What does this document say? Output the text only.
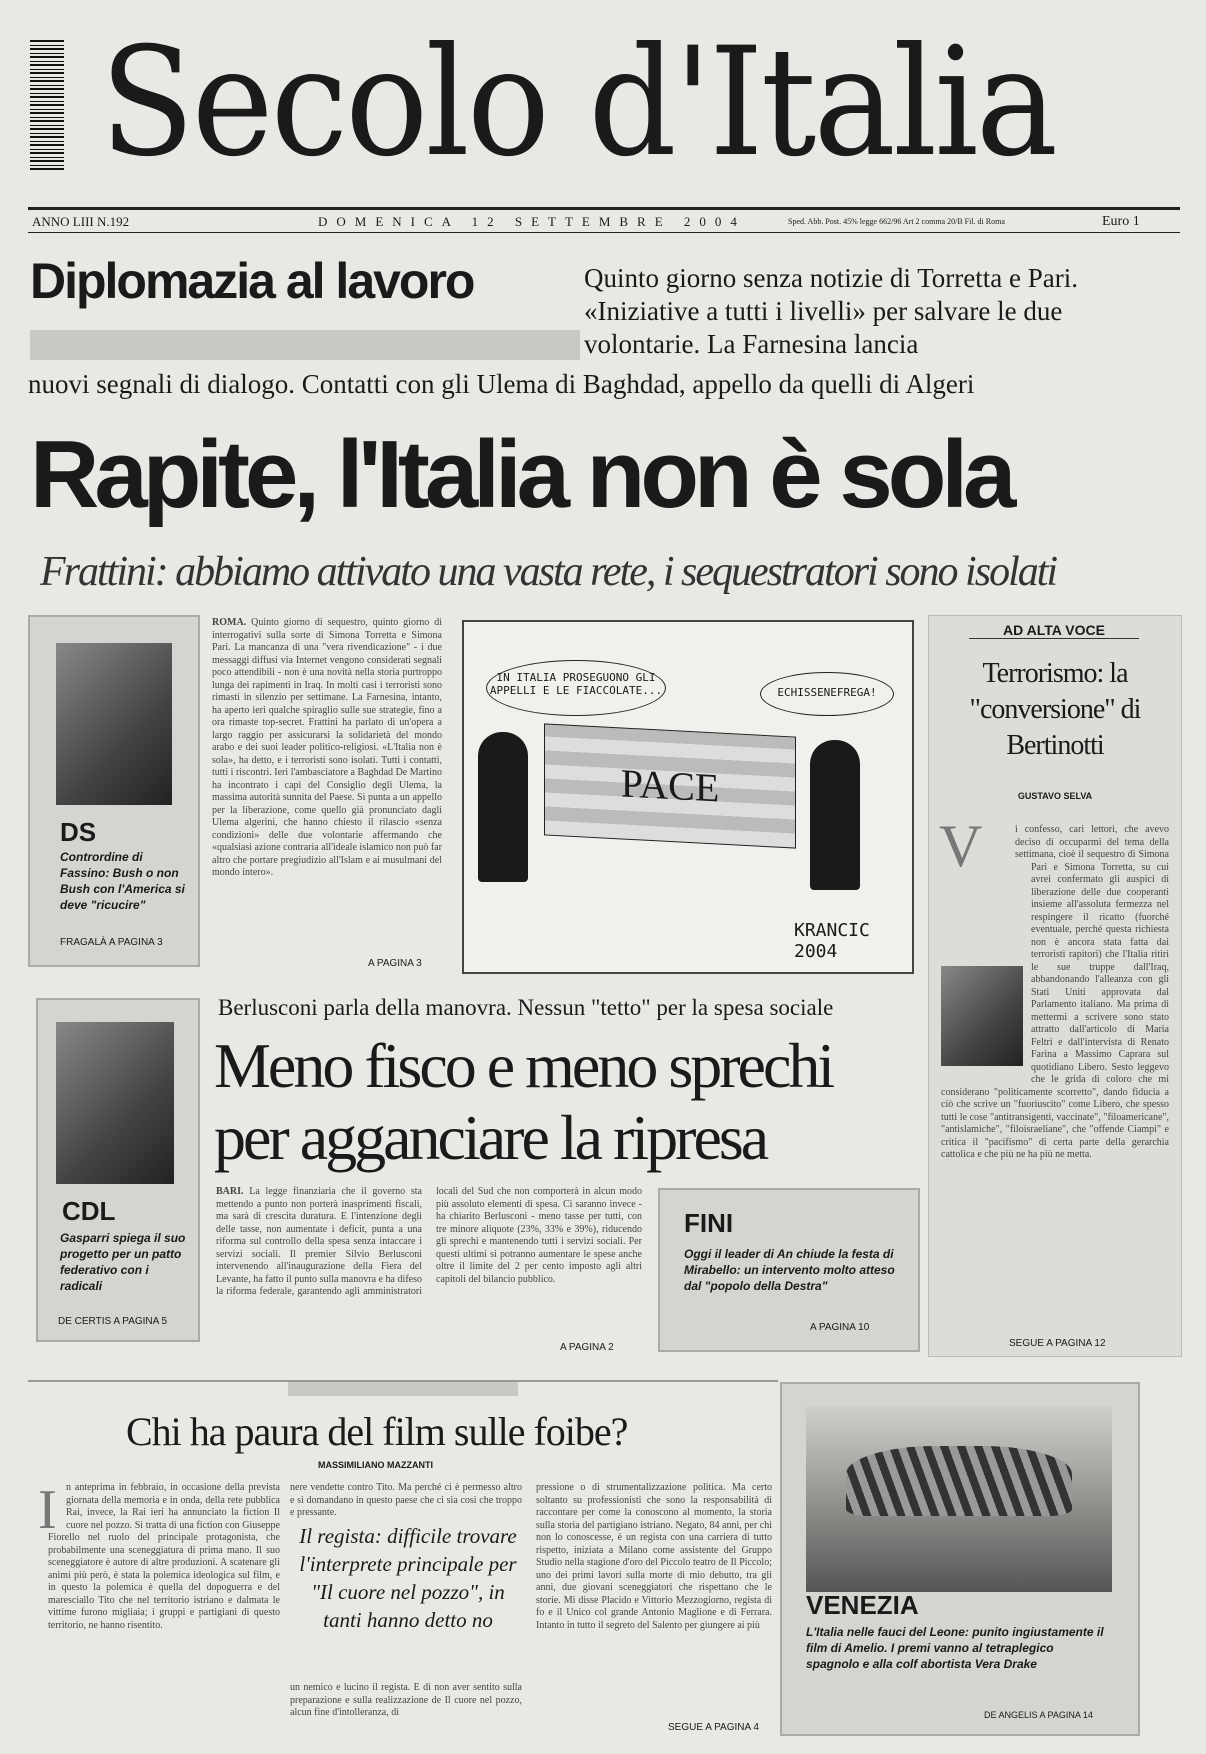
Secolo d'Italia
ANNO LIII N.192	DOMENICA 12 SETTEMBRE 2004	Sped. Abb. Post. 45% legge 662/96 Art 2 comma 20/B Fil. di Roma	Euro 1
Diplomazia al lavoro	Quinto giorno senza notizie di Torretta e Pari. «Iniziative a tutti i livelli» per salvare le due volontarie. La Farnesina lancia
nuovi segnali di dialogo. Contatti con gli Ulema di Baghdad, appello da quelli di Algeri
Rapite, l'Italia non è sola
Frattini: abbiamo attivato una vasta rete, i sequestratori sono isolati
DS
Contrordine di Fassino: Bush o non Bush con l'America si deve "ricucire"
FRAGALÀ A PAGINA 3
ROMA. Quinto giorno di sequestro, quinto giorno di interrogativi sulla sorte di Simona Torretta e Simona Pari. La mancanza di una "vera rivendicazione" - i due messaggi diffusi via Internet vengono considerati segnali poco attendibili - non è una novità nella storia purtroppo lunga dei rapimenti in Iraq. In molti casi i terroristi sono rimasti in silenzio per settimane. La Farnesina, intanto, ha aperto ieri qualche spiraglio sulle sue strategie, fino a ora rimaste top-secret. Frattini ha parlato di un'opera a largo raggio per assicurarsi la solidarietà del mondo arabo e dei suoi leader politico-religiosi. «L'Italia non è sola», ha detto, e i terroristi sono isolati. Tutti i contatti, tutti i riscontri. Ieri l'ambasciatore a Baghdad De Martino ha incontrato i capi del Consiglio degli Ulema, la massima autorità sunnita del Paese. Si punta a un appello per la liberazione, come quello già pronunciato dagli Ulema algerini, che hanno chiesto il rilascio «senza condizioni» delle due volontarie affermando che «qualsiasi azione contraria all'ideale islamico non può far altro che portare pregiudizio all'Islam e ai musulmani del mondo intero».
A PAGINA 3
IN ITALIA PROSEGUONO GLI APPELLI E LE FIACCOLATE...	ECHISSENEFREGA!
PACE
KRANCIC 2004
AD ALTA VOCE
Terrorismo: la "conversione" di Bertinotti
GUSTAVO SELVA
V	i confesso, cari lettori, che avevo deciso di occuparmi del tema della settimana, cioè il sequestro di Simona Pari e Simona Torretta, su cui avrei confermato gli auspici di liberazione delle due cooperanti insieme all'assoluta fermezza nel respingere il ricatto (fuorché eventuale, perché questa richiesta non è ancora stata fatta dai terroristi rapitori) che l'Italia ritiri le sue truppe dall'Iraq, abbandonando l'alleanza con gli Stati Uniti approvata dal Parlamento italiano. Ma prima di mettermi a scrivere sono stato attratto dall'articolo di Maria Feltri e dall'intervista di Renato Farina a Massimo Caprara sul quotidiano Libero. Sesto leggevo che le grida di coloro che mi considerano "politicamente scorretto", dando fiducia a ciò che scrive un "fuoriuscito" come Libero, che spesso tutti le cose "antitransigenti, vaccinate", "filoamericane", "antislamiche", "filoisraeliane", che "offende Ciampi" e critica il "pacifismo" di certa parte della gerarchia cattolica e che più ne ha più ne metta.
SEGUE A PAGINA 12
CDL
Gasparri spiega il suo progetto per un patto federativo con i radicali
DE CERTIS A PAGINA 5
Berlusconi parla della manovra. Nessun "tetto" per la spesa sociale
Meno fisco e meno sprechi
per agganciare la ripresa
BARI. La legge finanziaria che il governo sta mettendo a punto non porterà inasprimenti fiscali, ma sarà di crescita duratura. E l'intenzione degli delle tasse, non aumentate i deficit, punta a una riforma sul controllo della spesa senza intaccare i servizi sociali. Il premier Silvio Berlusconi intervenendo all'inaugurazione della Fiera del Levante, ha fatto il punto sulla manovra e ha difeso la riforma federale, garantendo agli amministratori locali del Sud che non comporterà in alcun modo più assoluto elementi di spesa. Ci saranno invece - ha chiarito Berlusconi - meno tasse per tutti, con tre minore aliquote (23%, 33% e 39%), riducendo gli sprechi e mantenendo tutti i servizi sociali. Per questi ultimi si potranno aumentare le spese anche oltre il limite del 2 per cento imposto agli altri capitoli del bilancio pubblico.
A PAGINA 2
FINI
Oggi il leader di An chiude la festa di Mirabello: un intervento molto atteso dal "popolo della Destra"
A PAGINA 10
Chi ha paura del film sulle foibe?
MASSIMILIANO MAZZANTI
I n anteprima in febbraio, in occasione della prevista giornata della memoria e in onda, della rete pubblica Rai, invece, la Rai ieri ha annunciato la fiction Il cuore nel pozzo. Si tratta di una fiction con Giuseppe Fiorello nel ruolo del principale protagonista, che probabilmente una sceneggiatura di prima mano. Il suo sceneggiatore è autore di altre produzioni. A scatenare gli animi più però, è stata la polemica ideologica sul film, e in questo la polemica è quella del dopoguerra e del maresciallo Tito che nel territorio istriano e dalmata le vittime furono migliaia; i gruppi e partigiani di questo territorio, ne hanno risentito.
nere vendette contro Tito. Ma perché ci è permesso altro e si domandano in questo paese che ci sia così che troppo e pressante.
Il regista: difficile trovare l'interprete principale per "Il cuore nel pozzo", in tanti hanno detto no
un nemico e lucino il regista. E di non aver sentito sulla preparazione e sulla realizzazione de Il cuore nel pozzo, alcun fine d'intolleranza, di
pressione o di strumentalizzazione politica. Ma certo soltanto su professionisti che sono la responsabilità di raccontare per come la conoscono al momento, la storia sulla storia del partigiano istriano. Negato, 84 anni, per chi non lo conoscesse, è un regista con una carriera di tutto rispetto, iniziata a Milano come assistente del Gruppo Studio nella stagione d'oro del Piccolo teatro de Il Piccolo; uno dei primi lavori sulla morte di mio debutto, tra gli anni, due giovani sceneggiatori che rispettano che le storie. Mi disse Placido e Vittorio Mezzogiorno, regista di fo e il Unico col grande Antonio Maglione e di Ferrara. Intanto in tutto il segreto del Salento per giungere ai più
SEGUE A PAGINA 4
VENEZIA
L'Italia nelle fauci del Leone: punito ingiustamente il film di Amelio. I premi vanno al tetraplegico spagnolo e alla colf abortista Vera Drake
DE ANGELIS A PAGINA 14
